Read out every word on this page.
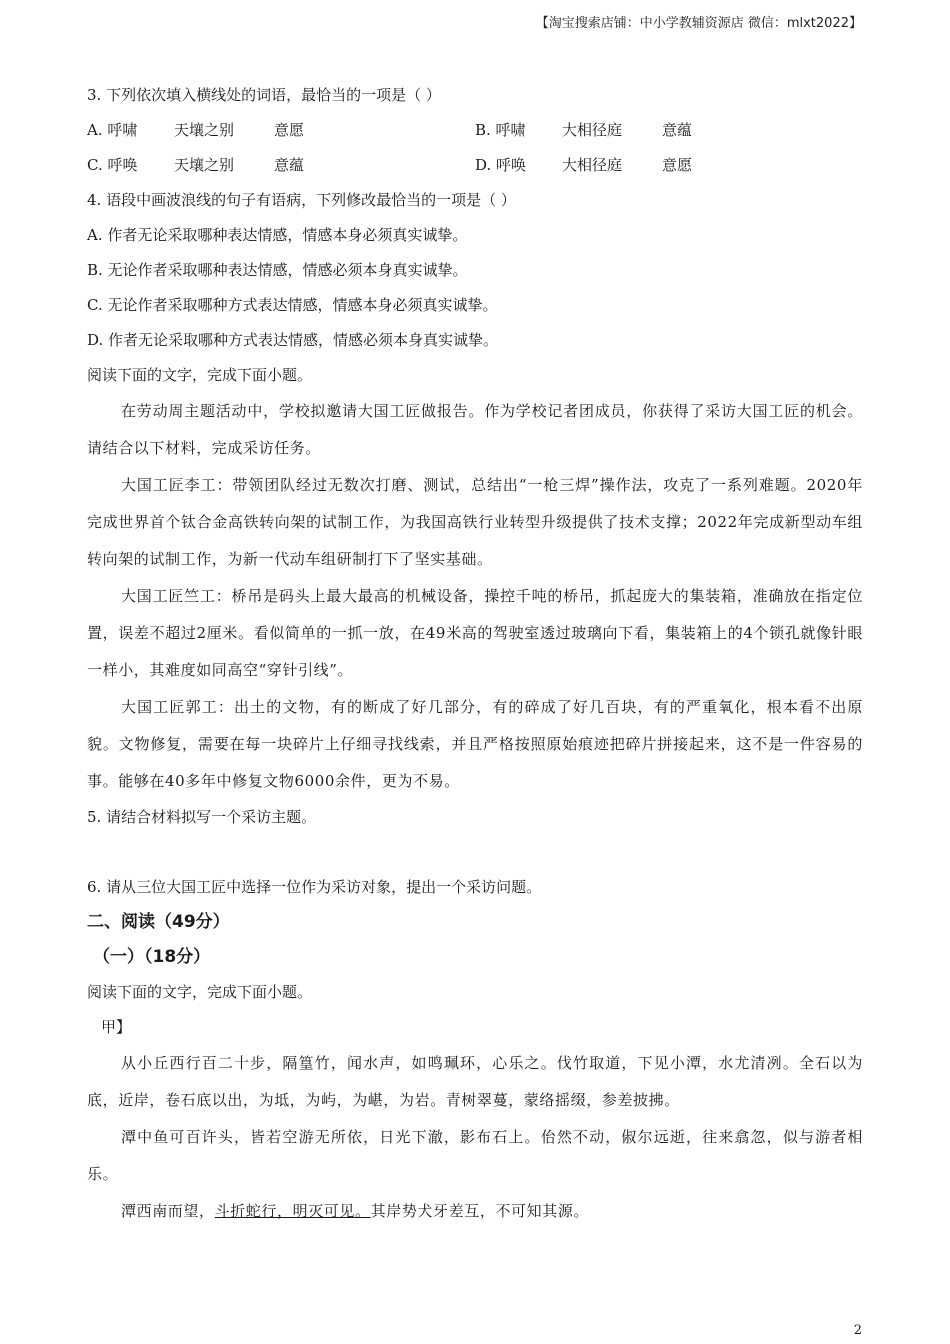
【淘宝搜索店铺：中小学教辅资源店 微信：mlxt2022】
3. 下列依次填入横线处的词语，最恰当的一项是（ ）
A. 呼啸	天壤之别	意愿	B. 呼啸	大相径庭	意蕴
C. 呼唤	天壤之别	意蕴	D. 呼唤	大相径庭	意愿
4. 语段中画波浪线的句子有语病，下列修改最恰当的一项是（ ）
A. 作者无论采取哪种表达情感，情感本身必须真实诚挚。
B. 无论作者采取哪种表达情感，情感必须本身真实诚挚。
C. 无论作者采取哪种方式表达情感，情感本身必须真实诚挚。
D. 作者无论采取哪种方式表达情感，情感必须本身真实诚挚。
阅读下面的文字，完成下面小题。
在劳动周主题活动中，学校拟邀请大国工匠做报告。作为学校记者团成员，你获得了采访大国工匠的机会。请结合以下材料，完成采访任务。
大国工匠李工：带领团队经过无数次打磨、测试，总结出“一枪三焊”操作法，攻克了一系列难题。2020年完成世界首个钛合金高铁转向架的试制工作，为我国高铁行业转型升级提供了技术支撑；2022年完成新型动车组转向架的试制工作，为新一代动车组研制打下了坚实基础。
大国工匠竺工：桥吊是码头上最大最高的机械设备，操控千吨的桥吊，抓起庞大的集装箱，准确放在指定位置，误差不超过2厘米。看似简单的一抓一放，在49米高的驾驶室透过玻璃向下看，集装箱上的4个锁孔就像针眼一样小，其难度如同高空“穿针引线”。
大国工匠郭工：出土的文物，有的断成了好几部分，有的碎成了好几百块，有的严重氧化，根本看不出原貌。文物修复，需要在每一块碎片上仔细寻找线索，并且严格按照原始痕迹把碎片拼接起来，这不是一件容易的事。能够在40多年中修复文物6000余件，更为不易。
5. 请结合材料拟写一个采访主题。
6. 请从三位大国工匠中选择一位作为采访对象，提出一个采访问题。
二、阅读（49分）
（一）（18分）
阅读下面的文字，完成下面小题。
甲】
从小丘西行百二十步，隔篁竹，闻水声，如鸣珮环，心乐之。伐竹取道，下见小潭，水尤清冽。全石以为底，近岸，卷石底以出，为坻，为屿，为嵁，为岩。青树翠蔓，蒙络摇缀，参差披拂。
潭中鱼可百许头，皆若空游无所依，日光下澈，影布石上。佁然不动，俶尔远逝，往来翕忽，似与游者相乐。
潭西南而望，斗折蛇行，明灭可见。其岸势犬牙差互，不可知其源。
2
